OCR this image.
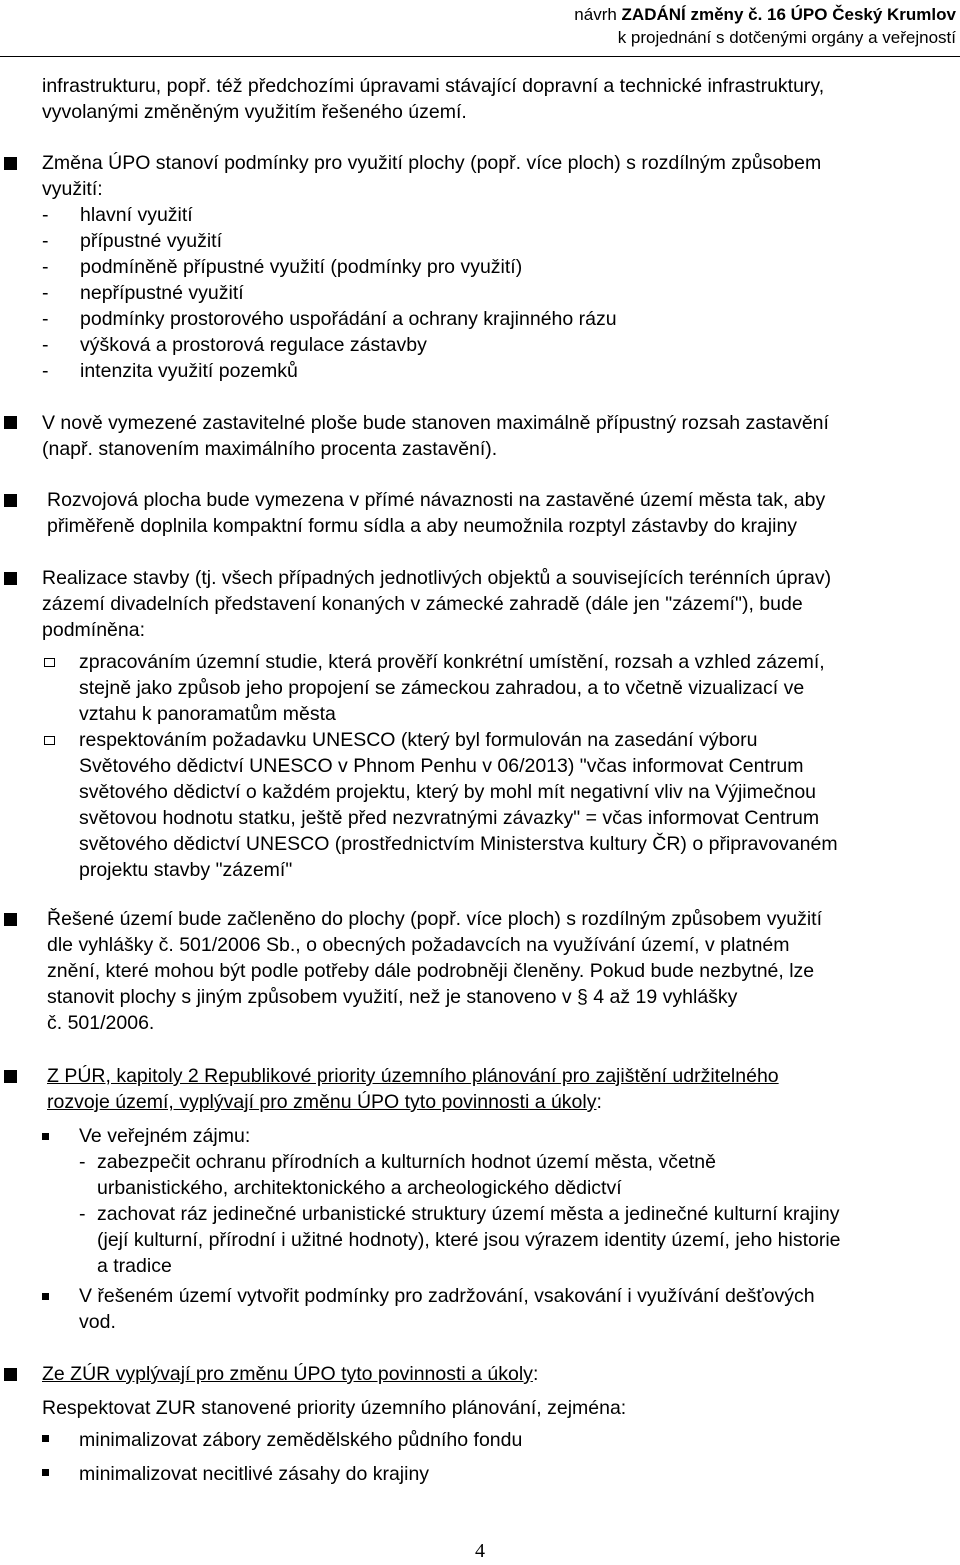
návrh ZADÁNÍ změny č. 16 ÚPO Český Krumlov
k projednání s dotčenými orgány a veřejností
infrastrukturu, popř. též předchozími úpravami stávající dopravní a technické infrastruktury,
vyvolanými změněným využitím řešeného území.
Změna ÚPO stanoví podmínky pro využití plochy (popř. více ploch) s rozdílným způsobem
využití:
- hlavní využití
- přípustné využití
- podmíněně přípustné využití (podmínky pro využití)
- nepřípustné využití
- podmínky prostorového uspořádání a ochrany krajinného rázu
- výšková a prostorová regulace zástavby
- intenzita využití pozemků
V nově vymezené zastavitelné ploše bude stanoven maximálně přípustný rozsah zastavění
(např. stanovením maximálního procenta zastavění).
Rozvojová plocha bude vymezena v přímé návaznosti na zastavěné území města tak, aby
přiměřeně doplnila kompaktní formu sídla a aby neumožnila rozptyl zástavby do krajiny
Realizace stavby (tj. všech případných jednotlivých objektů a souvisejících terénních úprav)
zázemí divadelních představení konaných v zámecké zahradě (dále jen "zázemí"), bude
podmíněna:
zpracováním územní studie, která prověří konkrétní umístění, rozsah a vzhled zázemí,
stejně jako způsob jeho propojení se zámeckou zahradou, a to včetně vizualizací ve
vztahu k panoramatům města
respektováním požadavku UNESCO (který byl formulován na zasedání výboru
Světového dědictví UNESCO v Phnom Penhu v 06/2013) "včas informovat Centrum
světového dědictví o každém projektu, který by mohl mít negativní vliv na Výjimečnou
světovou hodnotu statku, ještě před nezvratnými závazky" = včas informovat Centrum
světového dědictví UNESCO (prostřednictvím Ministerstva kultury ČR) o připravovaném
projektu stavby "zázemí"
Řešené území bude začleněno do plochy (popř. více ploch) s rozdílným způsobem využití
dle vyhlášky č. 501/2006 Sb., o obecných požadavcích na využívání území, v platném
znění, které mohou být podle potřeby dále podrobněji členěny. Pokud bude nezbytné, lze
stanovit plochy s jiným způsobem využití, než je stanoveno v § 4 až 19 vyhlášky
č. 501/2006.
Z PÚR, kapitoly 2 Republikové priority územního plánování pro zajištění udržitelného
rozvoje území, vyplývají pro změnu ÚPO tyto povinnosti a úkoly:
Ve veřejném zájmu:
- zabezpečit ochranu přírodních a kulturních hodnot území města, včetně
urbanistického, architektonického a archeologického dědictví
- zachovat ráz jedinečné urbanistické struktury území města a jedinečné kulturní krajiny
(její kulturní, přírodní i užitné hodnoty), které jsou výrazem identity území, jeho historie
a tradice
V řešeném území vytvořit podmínky pro zadržování, vsakování i využívání dešťových
vod.
Ze ZÚR vyplývají pro změnu ÚPO tyto povinnosti a úkoly:
Respektovat ZUR stanovené priority územního plánování, zejména:
minimalizovat zábory zemědělského půdního fondu
minimalizovat necitlivé zásahy do krajiny
4
